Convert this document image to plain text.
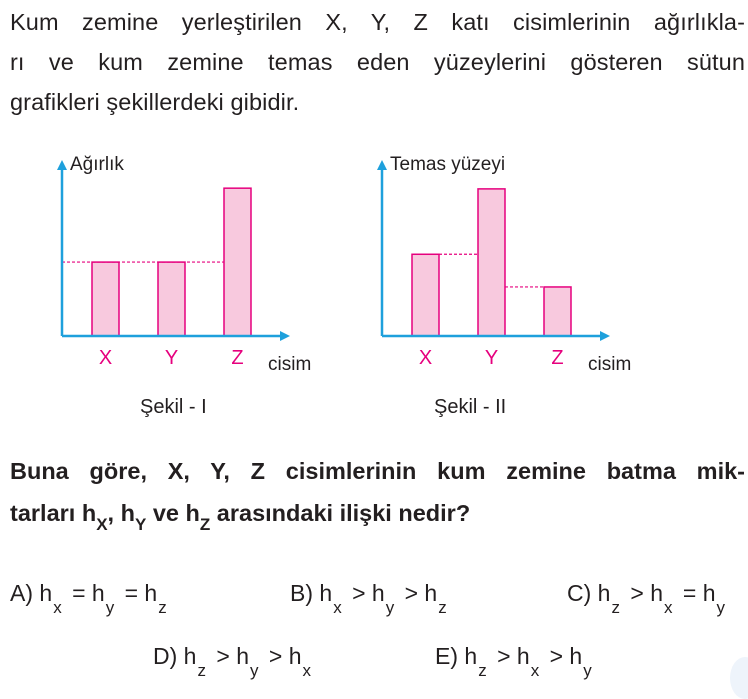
Kum zemine yerleştirilen X, Y, Z katı cisimlerinin ağırlıkla-
rı ve kum zemine temas eden yüzeylerini gösteren sütun
grafikleri şekillerdeki gibidir.
X	Y	Z
Ağırlık
cisim	X	Y	Z
Temas yüzeyi
cisim
Şekil - I	Şekil - II
Buna göre, X, Y, Z cisimlerinin kum zemine batma mik-
tarları $h_X$, $h_Y$ ve $h_Z$ arasındaki ilişki nedir?
A) $h_x = h_y = h_z$
B) $h_x > h_y > h_z$
C) $h_z > h_x = h_y$
D) $h_z > h_y > h_x$
E) $h_z > h_x > h_y$
